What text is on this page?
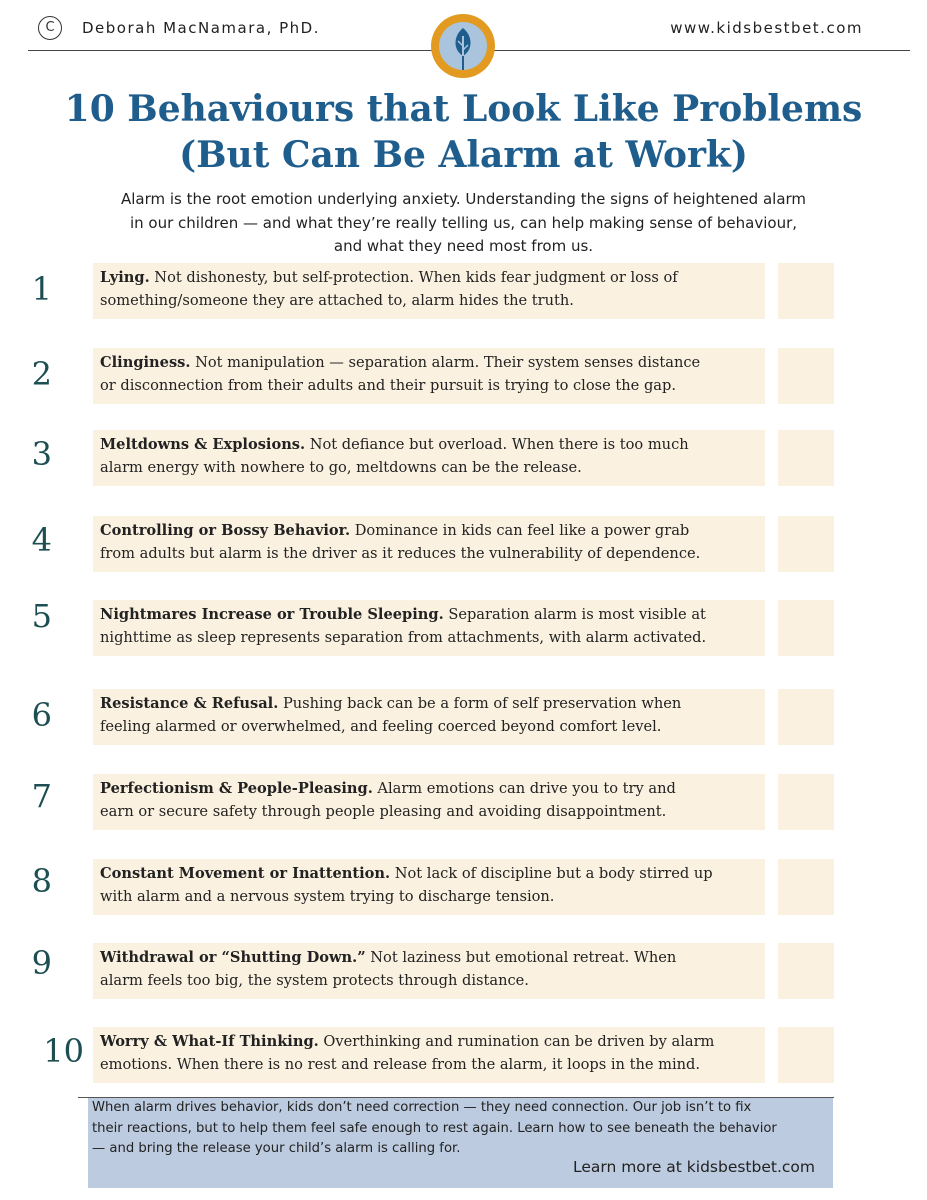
C	Deborah MacNamara, PhD.	www.kidsbestbet.com
10 Behaviours that Look Like Problems
(But Can Be Alarm at Work)
Alarm is the root emotion underlying anxiety. Understanding the signs of heightened alarm
in our children — and what they’re really telling us, can help making sense of behaviour,
and what they need most from us.
1	Lying. Not dishonesty, but self-protection. When kids fear judgment or loss of
something/someone they are attached to, alarm hides the truth.
2	Clinginess. Not manipulation — separation alarm. Their system senses distance
or disconnection from their adults and their pursuit is trying to close the gap.
3	Meltdowns & Explosions. Not defiance but overload. When there is too much
alarm energy with nowhere to go, meltdowns can be the release.
4	Controlling or Bossy Behavior. Dominance in kids can feel like a power grab
from adults but alarm is the driver as it reduces the vulnerability of dependence.
5	Nightmares Increase or Trouble Sleeping. Separation alarm is most visible at
nighttime as sleep represents separation from attachments, with alarm activated.
6	Resistance & Refusal. Pushing back can be a form of self preservation when
feeling alarmed or overwhelmed, and feeling coerced beyond comfort level.
7	Perfectionism & People-Pleasing. Alarm emotions can drive you to try and
earn or secure safety through people pleasing and avoiding disappointment.
8	Constant Movement or Inattention. Not lack of discipline but a body stirred up
with alarm and a nervous system trying to discharge tension.
9	Withdrawal or “Shutting Down.” Not laziness but emotional retreat. When
alarm feels too big, the system protects through distance.
10 Worry & What-If Thinking. Overthinking and rumination can be driven by alarm
emotions. When there is no rest and release from the alarm, it loops in the mind.
When alarm drives behavior, kids don’t need correction — they need connection. Our job isn’t to fix
their reactions, but to help them feel safe enough to rest again. Learn how to see beneath the behavior
— and bring the release your child’s alarm is calling for.
Learn more at kidsbestbet.com
